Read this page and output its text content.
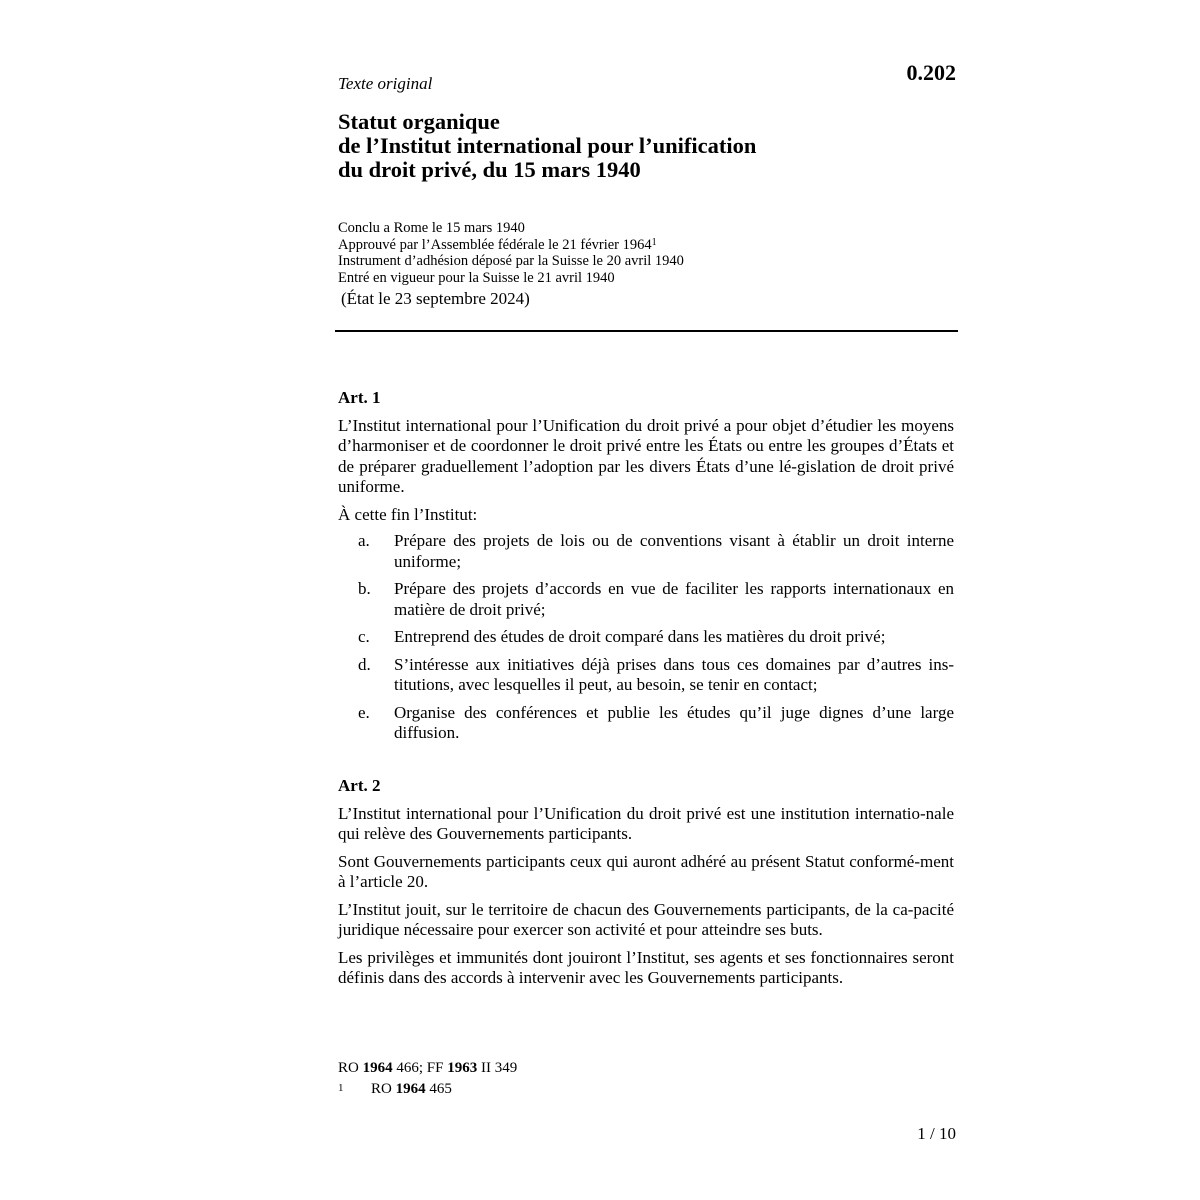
Texte original	0.202
Statut organique
de l’Institut international pour l’unification
du droit privé, du 15 mars 1940
Conclu a Rome le 15 mars 1940
Approuvé par l’Assemblée fédérale le 21 février 1964$^1$
Instrument d’adhésion déposé par la Suisse le 20 avril 1940
Entré en vigueur pour la Suisse le 21 avril 1940
(État le 23 septembre 2024)
Art. 1

L’Institut international pour l’Unification du droit privé a pour objet d’étudier les moyens d’harmoniser et de coordonner le droit privé entre les États ou entre les groupes d’États et de préparer graduellement l’adoption par les divers États d’une lé-gislation de droit privé uniforme.

À cette fin l’Institut:

a. Prépare des projets de lois ou de conventions visant à établir un droit interne uniforme;
b. Prépare des projets d’accords en vue de faciliter les rapports internationaux en matière de droit privé;
c. Entreprend des études de droit comparé dans les matières du droit privé;
d. S’intéresse aux initiatives déjà prises dans tous ces domaines par d’autres ins-titutions, avec lesquelles il peut, au besoin, se tenir en contact;
e. Organise des conférences et publie les études qu’il juge dignes d’une large diffusion.
Art. 2

L’Institut international pour l’Unification du droit privé est une institution internatio-nale qui relève des Gouvernements participants.

Sont Gouvernements participants ceux qui auront adhéré au présent Statut conformé-ment à l’article 20.

L’Institut jouit, sur le territoire de chacun des Gouvernements participants, de la ca-pacité juridique nécessaire pour exercer son activité et pour atteindre ses buts.

Les privilèges et immunités dont jouiront l’Institut, ses agents et ses fonctionnaires seront définis dans des accords à intervenir avec les Gouvernements participants.

RO 1964 466; FF 1963 II 349
1 RO 1964 465
1 / 10
